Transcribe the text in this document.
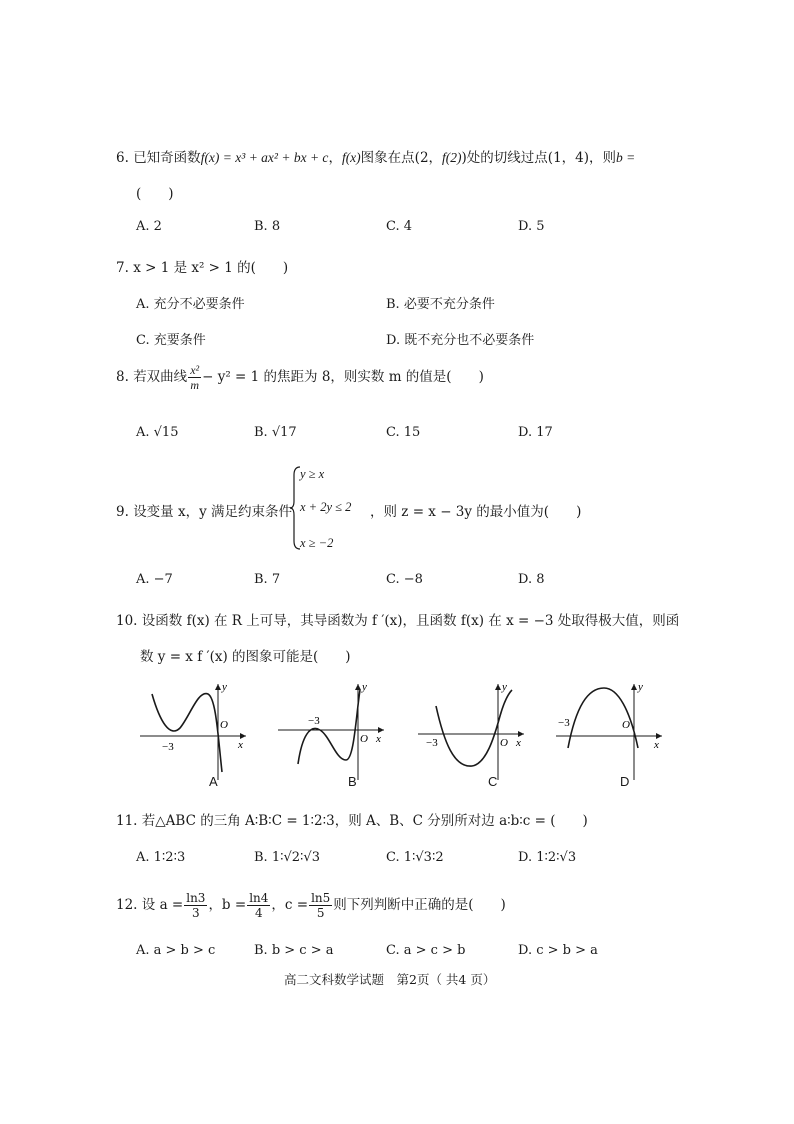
6. 已知奇函数f(x) = x³ + ax² + bx + c，f(x)图象在点(2，f(2))处的切线过点(1，4)，则b =
(　　)
A. 2	B. 8	C. 4	D. 5
7. x > 1 是 x² > 1 的(　　)
A. 充分不必要条件	B. 必要不充分条件
C. 充要条件	D. 既不充分也不必要条件
8. 若双曲线 $\frac{\text{x²}}{m} - y^2 = 1$ 的焦距为 8，则实数 m 的值是(　　)
A. √15	B. √17	C. 15	D. 17
9. 设变量 x，y 满足约束条件
y ≥ x
x + 2y ≤ 2
x ≥ −2
，则 z = x − 3y 的最小值为(　　)
A. −7	B. 7	C. −8	D. 8
10. 设函数 f(x) 在 R 上可导，其导函数为 f ′(x)，且函数 f(x) 在 x = −3 处取得极大值，则函
数 y = x f ′(x) 的图象可能是(　　)
−3
O
x
y
A
−3
O x
y
B
−3	O x
y
C
−3	O
x
y
D
11. 若△ABC 的三角 A∶B∶C = 1∶2∶3，则 A、B、C 分别所对边 a∶b∶c = (　　)
A. 1∶2∶3	B. 1∶√2∶√3	C. 1∶√3∶2	D. 1∶2∶√3
12. 设 $a = \frac{\ln 3}{3}$ ，$b = \frac{\ln 4}{4}$ ，$c = \frac{\ln 5}{5}$ 则下列判断中正确的是(　　)
A. a > b > c	B. b > c > a	C. a > c > b	D. c > b > a
高二文科数学试题　第2页（ 共4 页）
